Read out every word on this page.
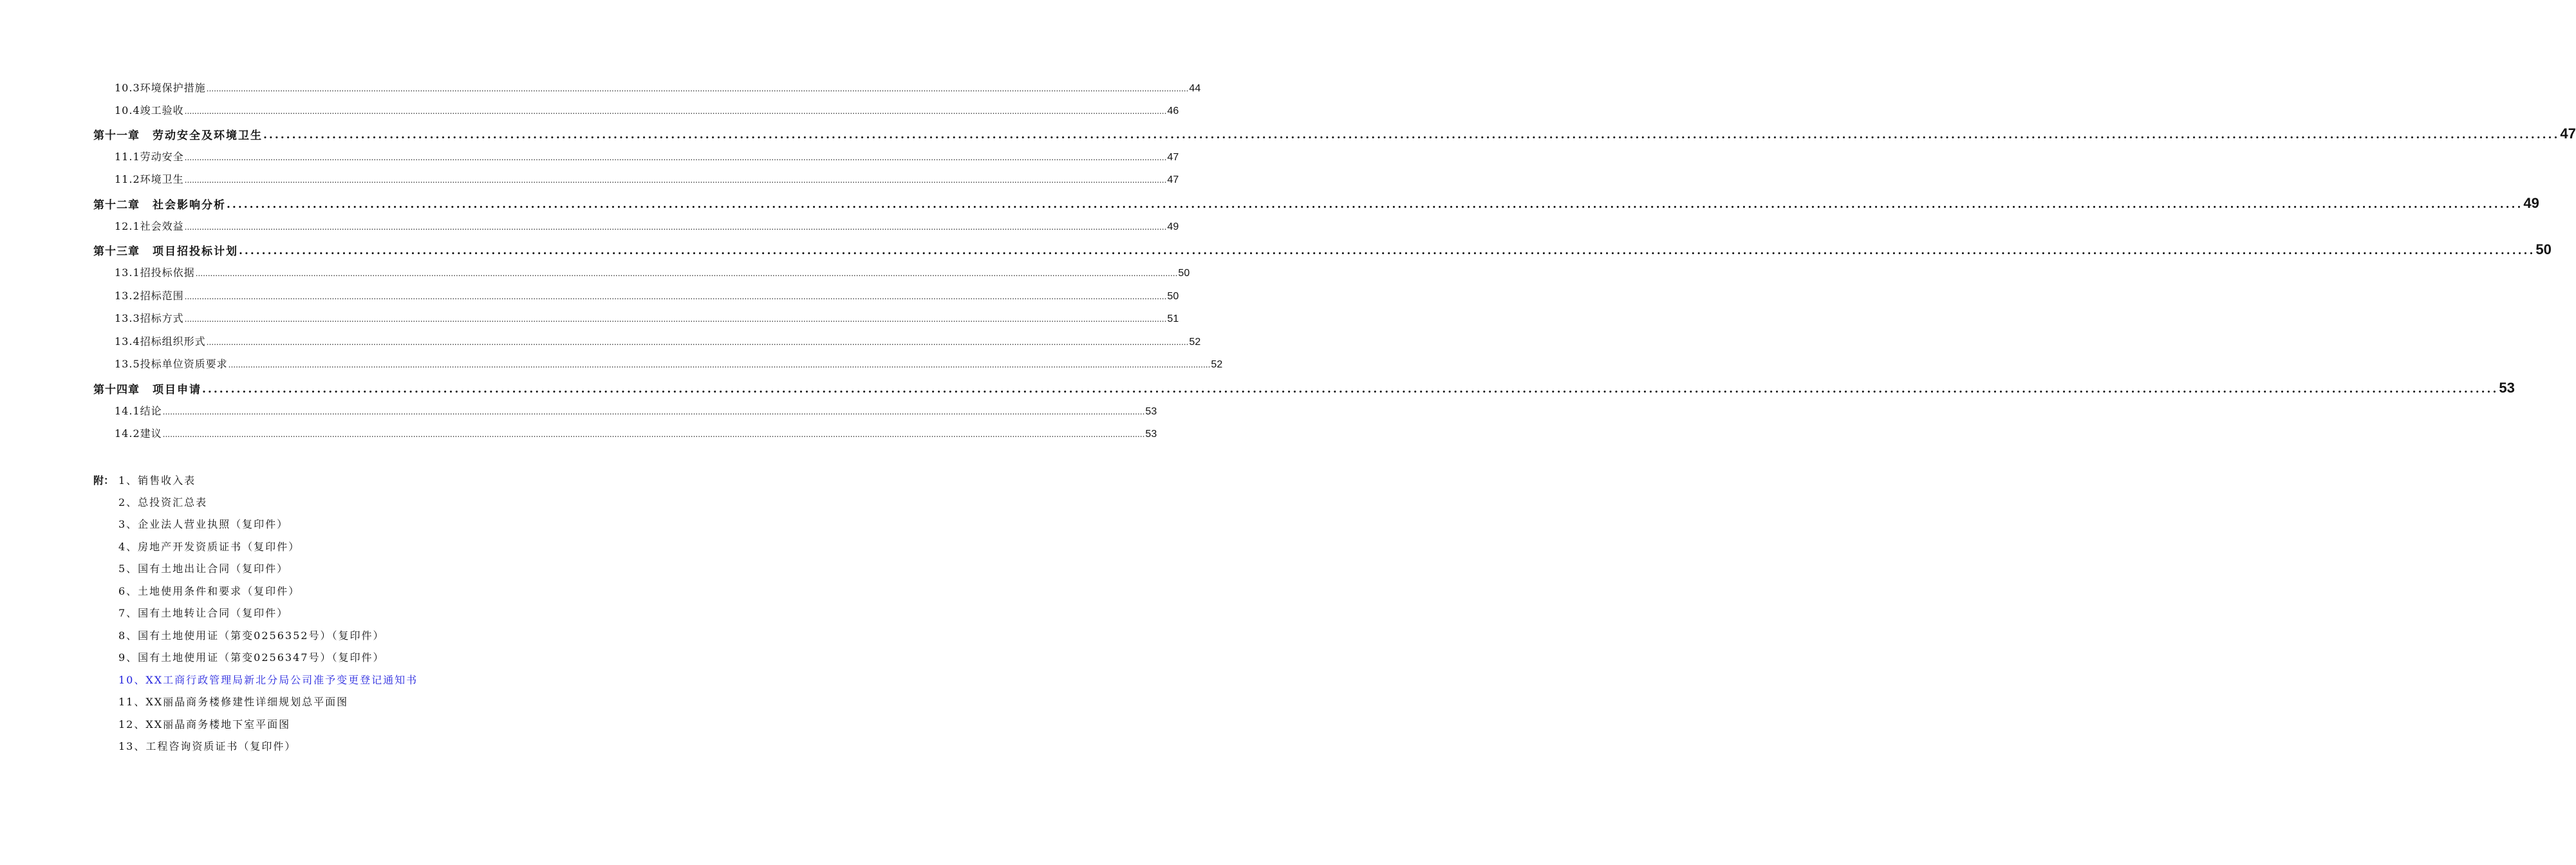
10.3环境保护措施 ................................................................................................................................................................................................................................................................................................................................................................................................................ 44
10.4竣工验收 ................................................................................................................................................................................................................................................................................................................................................................................................................ 46
第十一章 劳动安全及环境卫生 ................................................................................................................................................................................................................................................................................................................................................................................................................ 47
11.1劳动安全 ................................................................................................................................................................................................................................................................................................................................................................................................................ 47
11.2环境卫生 ................................................................................................................................................................................................................................................................................................................................................................................................................ 47
第十二章 社会影响分析 ................................................................................................................................................................................................................................................................................................................................................................................................................ 49
12.1社会效益 ................................................................................................................................................................................................................................................................................................................................................................................................................ 49
第十三章 项目招投标计划 ................................................................................................................................................................................................................................................................................................................................................................................................................ 50
13.1招投标依据 ................................................................................................................................................................................................................................................................................................................................................................................................................ 50
13.2招标范围 ................................................................................................................................................................................................................................................................................................................................................................................................................ 50
13.3招标方式 ................................................................................................................................................................................................................................................................................................................................................................................................................ 51
13.4招标组织形式 ................................................................................................................................................................................................................................................................................................................................................................................................................ 52
13.5投标单位资质要求 ................................................................................................................................................................................................................................................................................................................................................................................................................ 52
第十四章 项目申请 ................................................................................................................................................................................................................................................................................................................................................................................................................ 53
14.1结论 ................................................................................................................................................................................................................................................................................................................................................................................................................ 53
14.2建议 ................................................................................................................................................................................................................................................................................................................................................................................................................ 53
附： 1、销售收入表
2、总投资汇总表
3、企业法人营业执照（复印件）
4、房地产开发资质证书（复印件）
5、国有土地出让合同（复印件）
6、土地使用条件和要求（复印件）
7、国有土地转让合同（复印件）
8、国有土地使用证（第变0256352号）（复印件）
9、国有土地使用证（第变0256347号）（复印件）
10、XX工商行政管理局新北分局公司准予变更登记通知书
11、XX丽晶商务楼修建性详细规划总平面图
12、XX丽晶商务楼地下室平面图
13、工程咨询资质证书（复印件）
